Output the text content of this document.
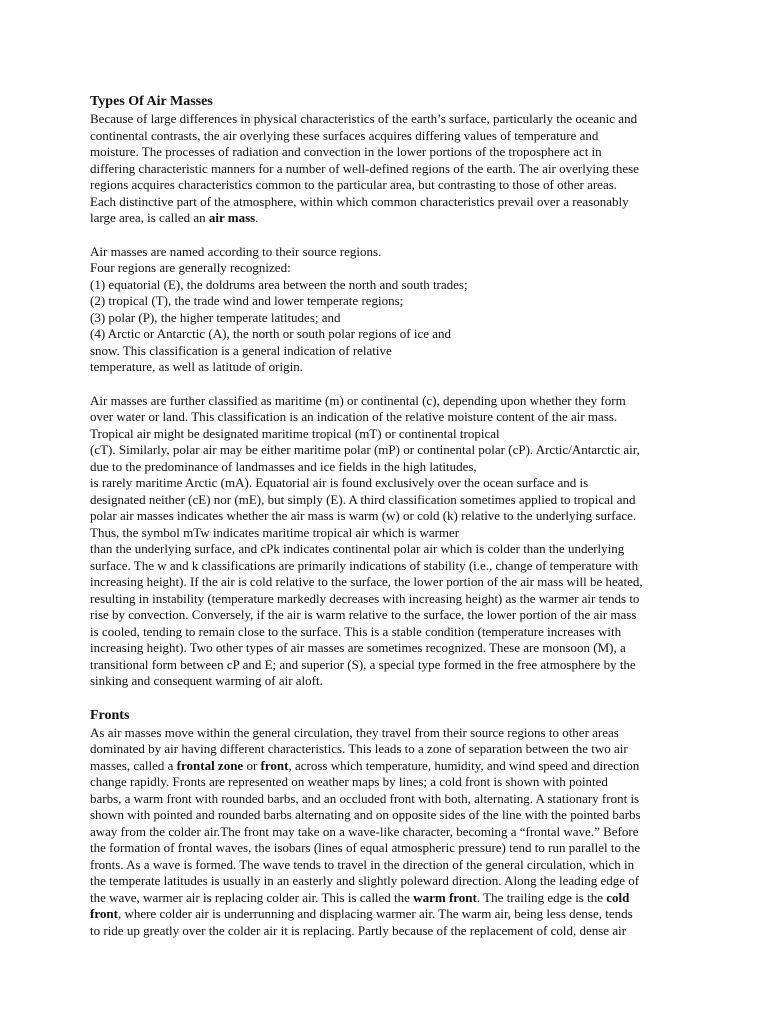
Types Of Air Masses

Because of large differences in physical characteristics of the earth’s surface, particularly the oceanic and
continental contrasts, the air overlying these surfaces acquires differing values of temperature and
moisture. The processes of radiation and convection in the lower portions of the troposphere act in
differing characteristic manners for a number of well-defined regions of the earth. The air overlying these
regions acquires characteristics common to the particular area, but contrasting to those of other areas.
Each distinctive part of the atmosphere, within which common characteristics prevail over a reasonably
large area, is called an air mass.

Air masses are named according to their source regions.
Four regions are generally recognized:
(1) equatorial (E), the doldrums area between the north and south trades;
(2) tropical (T), the trade wind and lower temperate regions;
(3) polar (P), the higher temperate latitudes; and
(4) Arctic or Antarctic (A), the north or south polar regions of ice and
snow. This classification is a general indication of relative
temperature, as well as latitude of origin.

Air masses are further classified as maritime (m) or continental (c), depending upon whether they form
over water or land. This classification is an indication of the relative moisture content of the air mass.
Tropical air might be designated maritime tropical (mT) or continental tropical
(cT). Similarly, polar air may be either maritime polar (mP) or continental polar (cP). Arctic/Antarctic air,
due to the predominance of landmasses and ice fields in the high latitudes,
is rarely maritime Arctic (mA). Equatorial air is found exclusively over the ocean surface and is
designated neither (cE) nor (mE), but simply (E). A third classification sometimes applied to tropical and
polar air masses indicates whether the air mass is warm (w) or cold (k) relative to the underlying surface.
Thus, the symbol mTw indicates maritime tropical air which is warmer
than the underlying surface, and cPk indicates continental polar air which is colder than the underlying
surface. The w and k classifications are primarily indications of stability (i.e., change of temperature with
increasing height). If the air is cold relative to the surface, the lower portion of the air mass will be heated,
resulting in instability (temperature markedly decreases with increasing height) as the warmer air tends to
rise by convection. Conversely, if the air is warm relative to the surface, the lower portion of the air mass
is cooled, tending to remain close to the surface. This is a stable condition (temperature increases with
increasing height). Two other types of air masses are sometimes recognized. These are monsoon (M), a
transitional form between cP and E; and superior (S), a special type formed in the free atmosphere by the
sinking and consequent warming of air aloft.

Fronts

As air masses move within the general circulation, they travel from their source regions to other areas
dominated by air having different characteristics. This leads to a zone of separation between the two air
masses, called a frontal zone or front, across which temperature, humidity, and wind speed and direction
change rapidly. Fronts are represented on weather maps by lines; a cold front is shown with pointed
barbs, a warm front with rounded barbs, and an occluded front with both, alternating. A stationary front is
shown with pointed and rounded barbs alternating and on opposite sides of the line with the pointed barbs
away from the colder air.The front may take on a wave-like character, becoming a “frontal wave.” Before
the formation of frontal waves, the isobars (lines of equal atmospheric pressure) tend to run parallel to the
fronts. As a wave is formed. The wave tends to travel in the direction of the general circulation, which in
the temperate latitudes is usually in an easterly and slightly poleward direction. Along the leading edge of
the wave, warmer air is replacing colder air. This is called the warm front. The trailing edge is the cold
front, where colder air is underrunning and displacing warmer air. The warm air, being less dense, tends
to ride up greatly over the colder air it is replacing. Partly because of the replacement of cold, dense air
